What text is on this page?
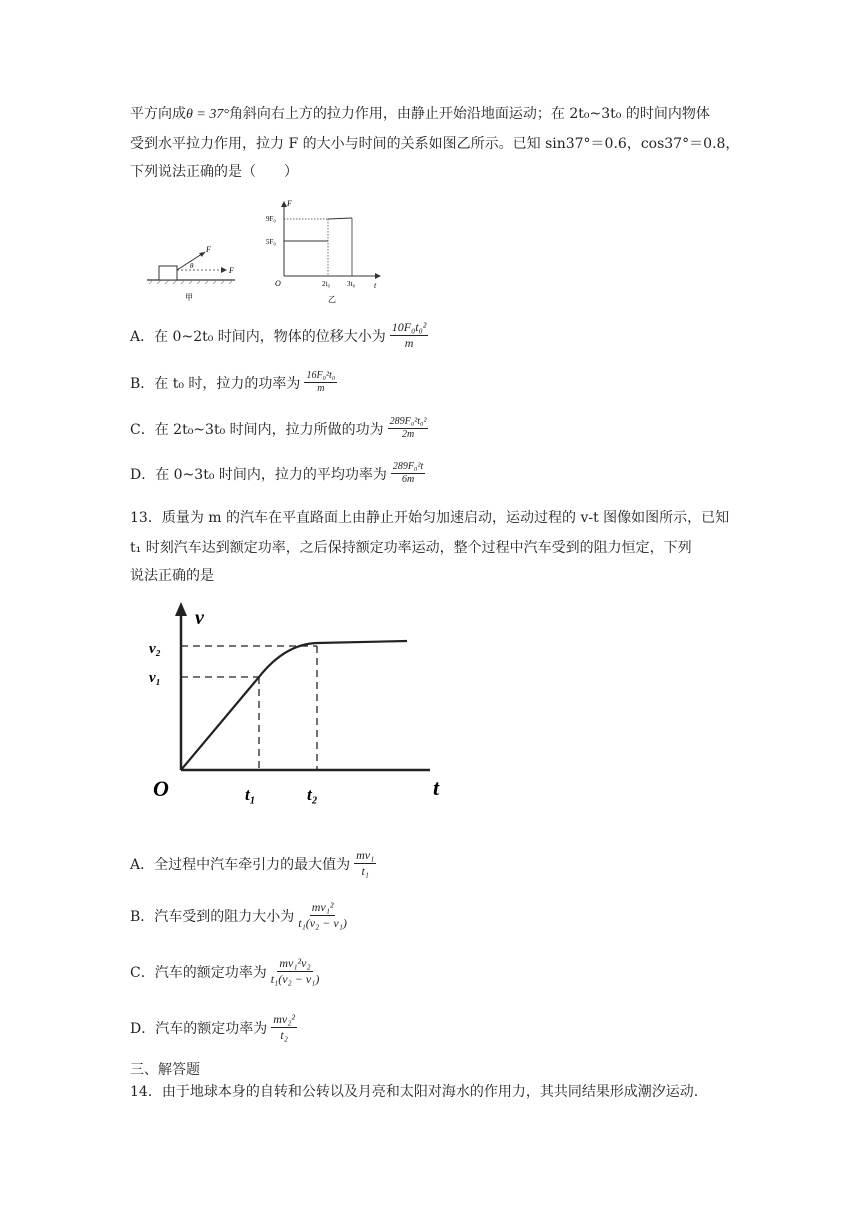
平方向成θ = 37°角斜向右上方的拉力作用，由静止开始沿地面运动；在 2t₀~3t₀ 的时间内物体
受到水平拉力作用，拉力 F 的大小与时间的关系如图乙所示。已知 sin37°＝0.6，cos37°＝0.8，
下列说法正确的是（　　）
F
F
θ
甲
F
t
O
9F₀
5F₀
2t₀ 3t₀
乙
A．在 0~2t₀ 时间内，物体的位移大小为 $\frac{\text{10F₀t₀²}}{m}$
B．在 t₀ 时，拉力的功率为 $\frac{\text{16F₀²t₀}}{m}$
C．在 2t₀~3t₀ 时间内，拉力所做的功为 $\frac{\text{289F₀²t₀²}}{2m}$
D．在 0~3t₀ 时间内，拉力的平均功率为 $\frac{\text{289F₀²t}}{6m}$
13．质量为 m 的汽车在平直路面上由静止开始匀加速启动，运动过程的 v-t 图像如图所示，已知
t₁ 时刻汽车达到额定功率，之后保持额定功率运动，整个过程中汽车受到的阻力恒定，下列
说法正确的是
v
t
O
v₂
v₁
t₁	t₂
A．全过程中汽车牵引力的最大值为 $\frac{\text{mv₁}}{\text{t₁}}$
B．汽车受到的阻力大小为 $\frac{\text{mv₁²}}{\text{t₁(v₂ − v₁)}}$
C．汽车的额定功率为 $\frac{\text{mv₁²v₂}}{\text{t₁(v₂ − v₁)}}$
D．汽车的额定功率为 $\frac{\text{mv₂²}}{\text{t₂}}$
三、解答题
14．由于地球本身的自转和公转以及月亮和太阳对海水的作用力，其共同结果形成潮汐运动.
